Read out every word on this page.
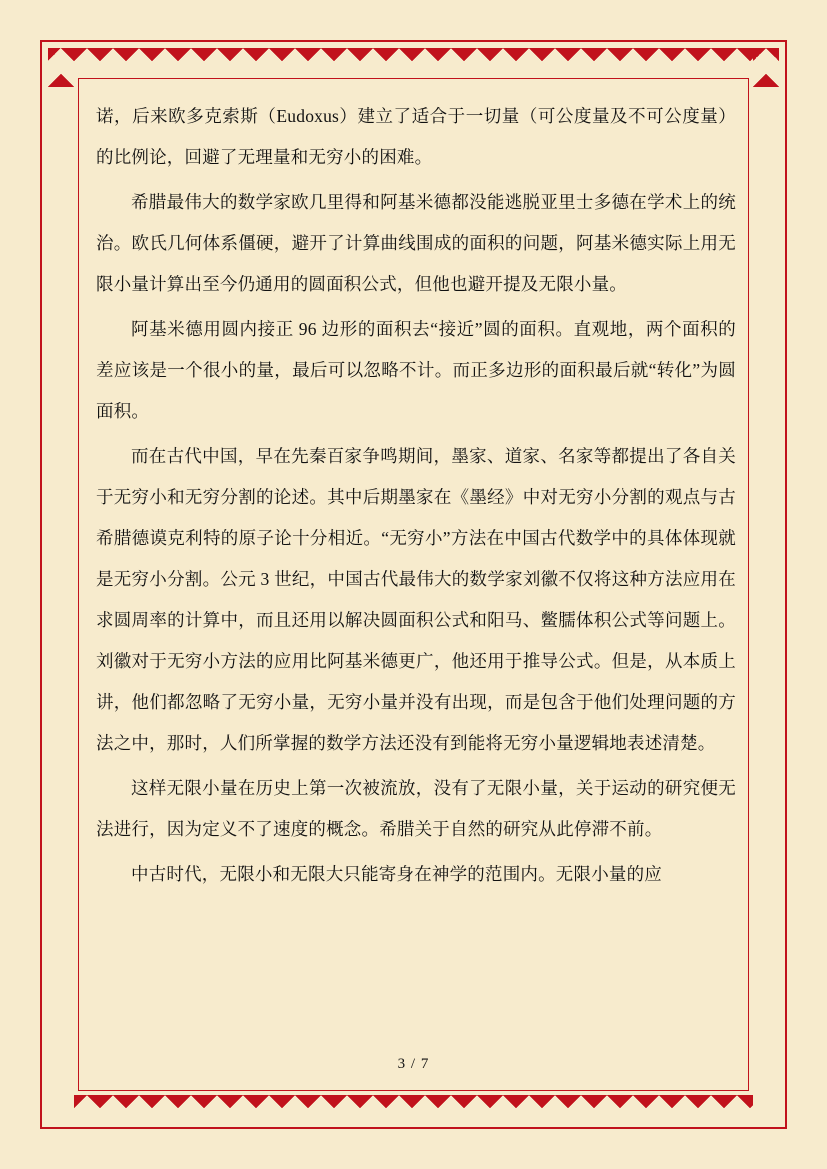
诺，后来欧多克索斯（Eudoxus）建立了适合于一切量（可公度量及不可公度量）的比例论，回避了无理量和无穷小的困难。

希腊最伟大的数学家欧几里得和阿基米德都没能逃脱亚里士多德在学术上的统治。欧氏几何体系僵硬，避开了计算曲线围成的面积的问题，阿基米德实际上用无限小量计算出至今仍通用的圆面积公式，但他也避开提及无限小量。

阿基米德用圆内接正 96 边形的面积去“接近”圆的面积。直观地，两个面积的差应该是一个很小的量，最后可以忽略不计。而正多边形的面积最后就“转化”为圆面积。

而在古代中国，早在先秦百家争鸣期间，墨家、道家、名家等都提出了各自关于无穷小和无穷分割的论述。其中后期墨家在《墨经》中对无穷小分割的观点与古希腊德谟克利特的原子论十分相近。“无穷小”方法在中国古代数学中的具体体现就是无穷小分割。公元 3 世纪，中国古代最伟大的数学家刘徽不仅将这种方法应用在求圆周率的计算中，而且还用以解决圆面积公式和阳马、鳖臑体积公式等问题上。刘徽对于无穷小方法的应用比阿基米德更广，他还用于推导公式。但是，从本质上讲，他们都忽略了无穷小量，无穷小量并没有出现，而是包含于他们处理问题的方法之中，那时，人们所掌握的数学方法还没有到能将无穷小量逻辑地表述清楚。

这样无限小量在历史上第一次被流放，没有了无限小量，关于运动的研究便无法进行，因为定义不了速度的概念。希腊关于自然的研究从此停滞不前。

中古时代，无限小和无限大只能寄身在神学的范围内。无限小量的应

3 / 7
